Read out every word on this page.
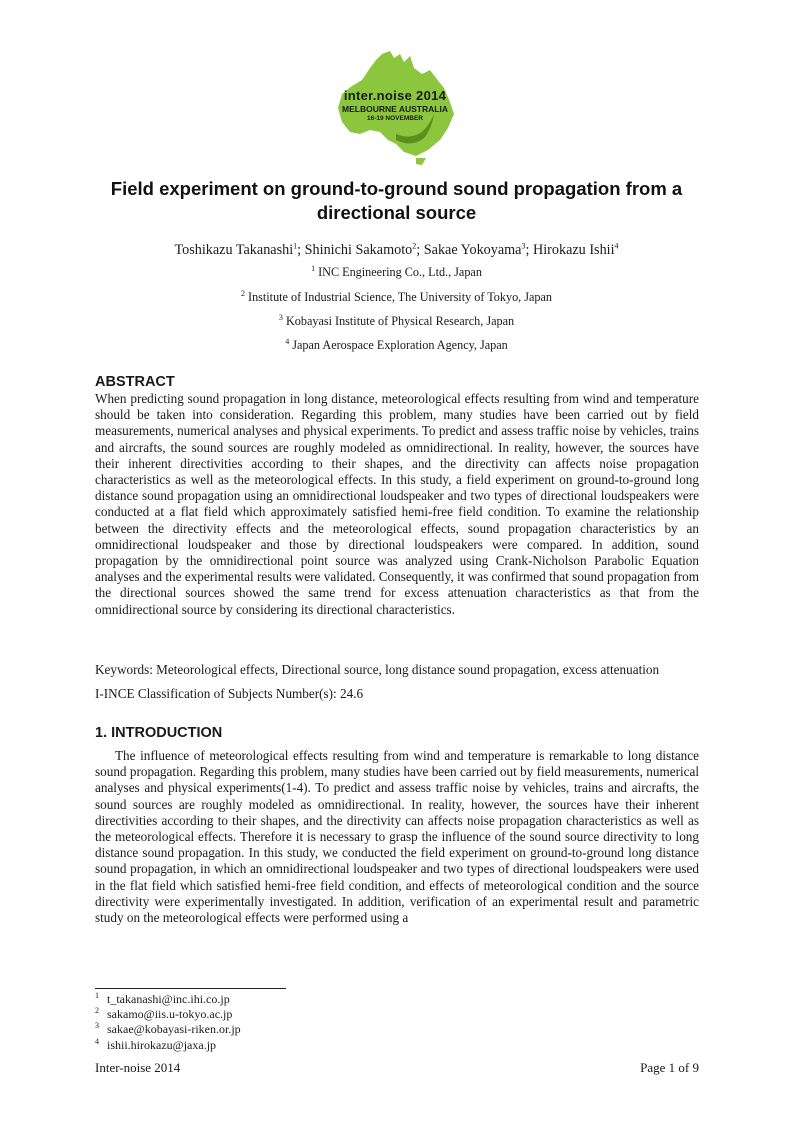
inter.noise 2014
MELBOURNE AUSTRALIA
16-19 NOVEMBER
Field experiment on ground-to-ground sound propagation from a directional source
Toshikazu Takanashi$^1$; Shinichi Sakamoto$^2$; Sakae Yokoyama$^3$; Hirokazu Ishii$^4$
$^1$ INC Engineering Co., Ltd., Japan
$^2$ Institute of Industrial Science, The University of Tokyo, Japan
$^3$ Kobayasi Institute of Physical Research, Japan
$^4$ Japan Aerospace Exploration Agency, Japan
ABSTRACT

When predicting sound propagation in long distance, meteorological effects resulting from wind and temperature should be taken into consideration. Regarding this problem, many studies have been carried out by field measurements, numerical analyses and physical experiments. To predict and assess traffic noise by vehicles, trains and aircrafts, the sound sources are roughly modeled as omnidirectional. In reality, however, the sources have their inherent directivities according to their shapes, and the directivity can affects noise propagation characteristics as well as the meteorological effects. In this study, a field experiment on ground-to-ground long distance sound propagation using an omnidirectional loudspeaker and two types of directional loudspeakers were conducted at a flat field which approximately satisfied hemi-free field condition. To examine the relationship between the directivity effects and the meteorological effects, sound propagation characteristics by an omnidirectional loudspeaker and those by directional loudspeakers were compared. In addition, sound propagation by the omnidirectional point source was analyzed using Crank-Nicholson Parabolic Equation analyses and the experimental results were validated. Consequently, it was confirmed that sound propagation from the directional sources showed the same trend for excess attenuation characteristics as that from the omnidirectional source by considering its directional characteristics.

Keywords: Meteorological effects, Directional source, long distance sound propagation, excess attenuation

I-INCE Classification of Subjects Number(s): 24.6

1. INTRODUCTION

The influence of meteorological effects resulting from wind and temperature is remarkable to long distance sound propagation. Regarding this problem, many studies have been carried out by field measurements, numerical analyses and physical experiments(1-4). To predict and assess traffic noise by vehicles, trains and aircrafts, the sound sources are roughly modeled as omnidirectional. In reality, however, the sources have their inherent directivities according to their shapes, and the directivity can affects noise propagation characteristics as well as the meteorological effects. Therefore it is necessary to grasp the influence of the sound source directivity to long distance sound propagation. In this study, we conducted the field experiment on ground-to-ground long distance sound propagation, in which an omnidirectional loudspeaker and two types of directional loudspeakers were used in the flat field which satisfied hemi-free field condition, and effects of meteorological condition and the source directivity were experimentally investigated. In addition, verification of an experimental result and parametric study on the meteorological effects were performed using a

1 t_takanashi@inc.ihi.co.jp
2 sakamo@iis.u-tokyo.ac.jp
3 sakae@kobayasi-riken.or.jp
4 ishii.hirokazu@jaxa.jp

Inter-noise 2014	Page 1 of 9
